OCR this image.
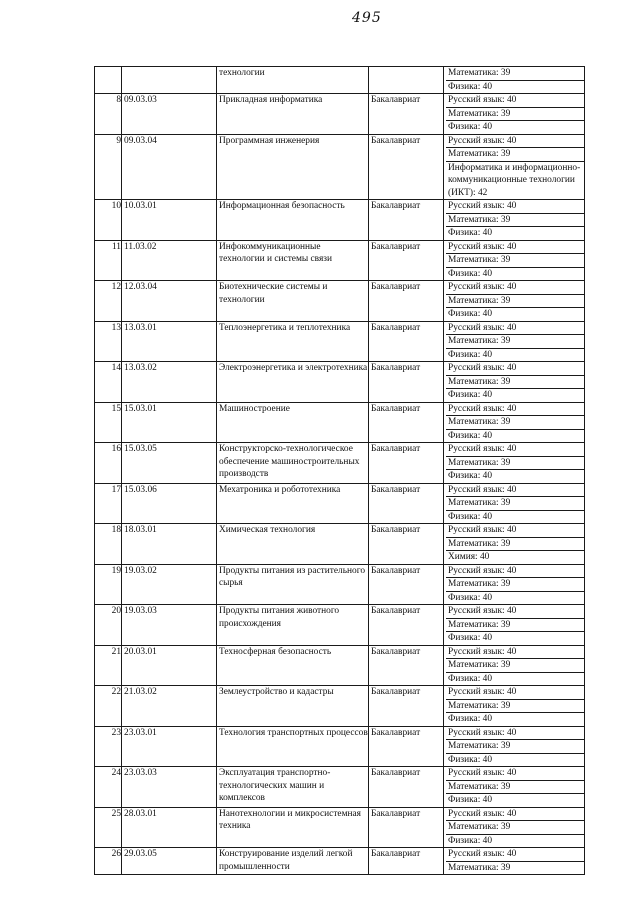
495
		технологии		Математика: 39
Физика: 40

8	09.03.03	Прикладная информатика	Бакалавриат	Русский язык: 40
Математика: 39
Физика: 40

9	09.03.04	Программная инженерия	Бакалавриат	Русский язык: 40
Математика: 39
Информатика и информационно-коммуникационные технологии (ИКТ): 42

10	10.03.01	Информационная безопасность	Бакалавриат	Русский язык: 40
Математика: 39
Физика: 40

11	11.03.02	Инфокоммуникационные технологии и системы связи	Бакалавриат	Русский язык: 40
Математика: 39
Физика: 40

12	12.03.04	Биотехнические системы и технологии	Бакалавриат	Русский язык: 40
Математика: 39
Физика: 40

13	13.03.01	Теплоэнергетика и теплотехника	Бакалавриат	Русский язык: 40
Математика: 39
Физика: 40

14	13.03.02	Электроэнергетика и электротехника	Бакалавриат	Русский язык: 40
Математика: 39
Физика: 40

15	15.03.01	Машиностроение	Бакалавриат	Русский язык: 40
Математика: 39
Физика: 40

16	15.03.05	Конструкторско-технологическое обеспечение машиностроительных производств	Бакалавриат	Русский язык: 40
Математика: 39
Физика: 40

17	15.03.06	Мехатроника и робототехника	Бакалавриат	Русский язык: 40
Математика: 39
Физика: 40

18	18.03.01	Химическая технология	Бакалавриат	Русский язык: 40
Математика: 39
Химия: 40

19	19.03.02	Продукты питания из растительного сырья	Бакалавриат	Русский язык: 40
Математика: 39
Физика: 40

20	19.03.03	Продукты питания животного происхождения	Бакалавриат	Русский язык: 40
Математика: 39
Физика: 40

21	20.03.01	Техносферная безопасность	Бакалавриат	Русский язык: 40
Математика: 39
Физика: 40

22	21.03.02	Землеустройство и кадастры	Бакалавриат	Русский язык: 40
Математика: 39
Физика: 40

23	23.03.01	Технология транспортных процессов	Бакалавриат	Русский язык: 40
Математика: 39
Физика: 40

24	23.03.03	Эксплуатация транспортно-технологических машин и комплексов	Бакалавриат	Русский язык: 40
Математика: 39
Физика: 40

25	28.03.01	Нанотехнологии и микросистемная техника	Бакалавриат	Русский язык: 40
Математика: 39
Физика: 40

26	29.03.05	Конструирование изделий легкой промышленности	Бакалавриат	Русский язык: 40
Математика: 39
